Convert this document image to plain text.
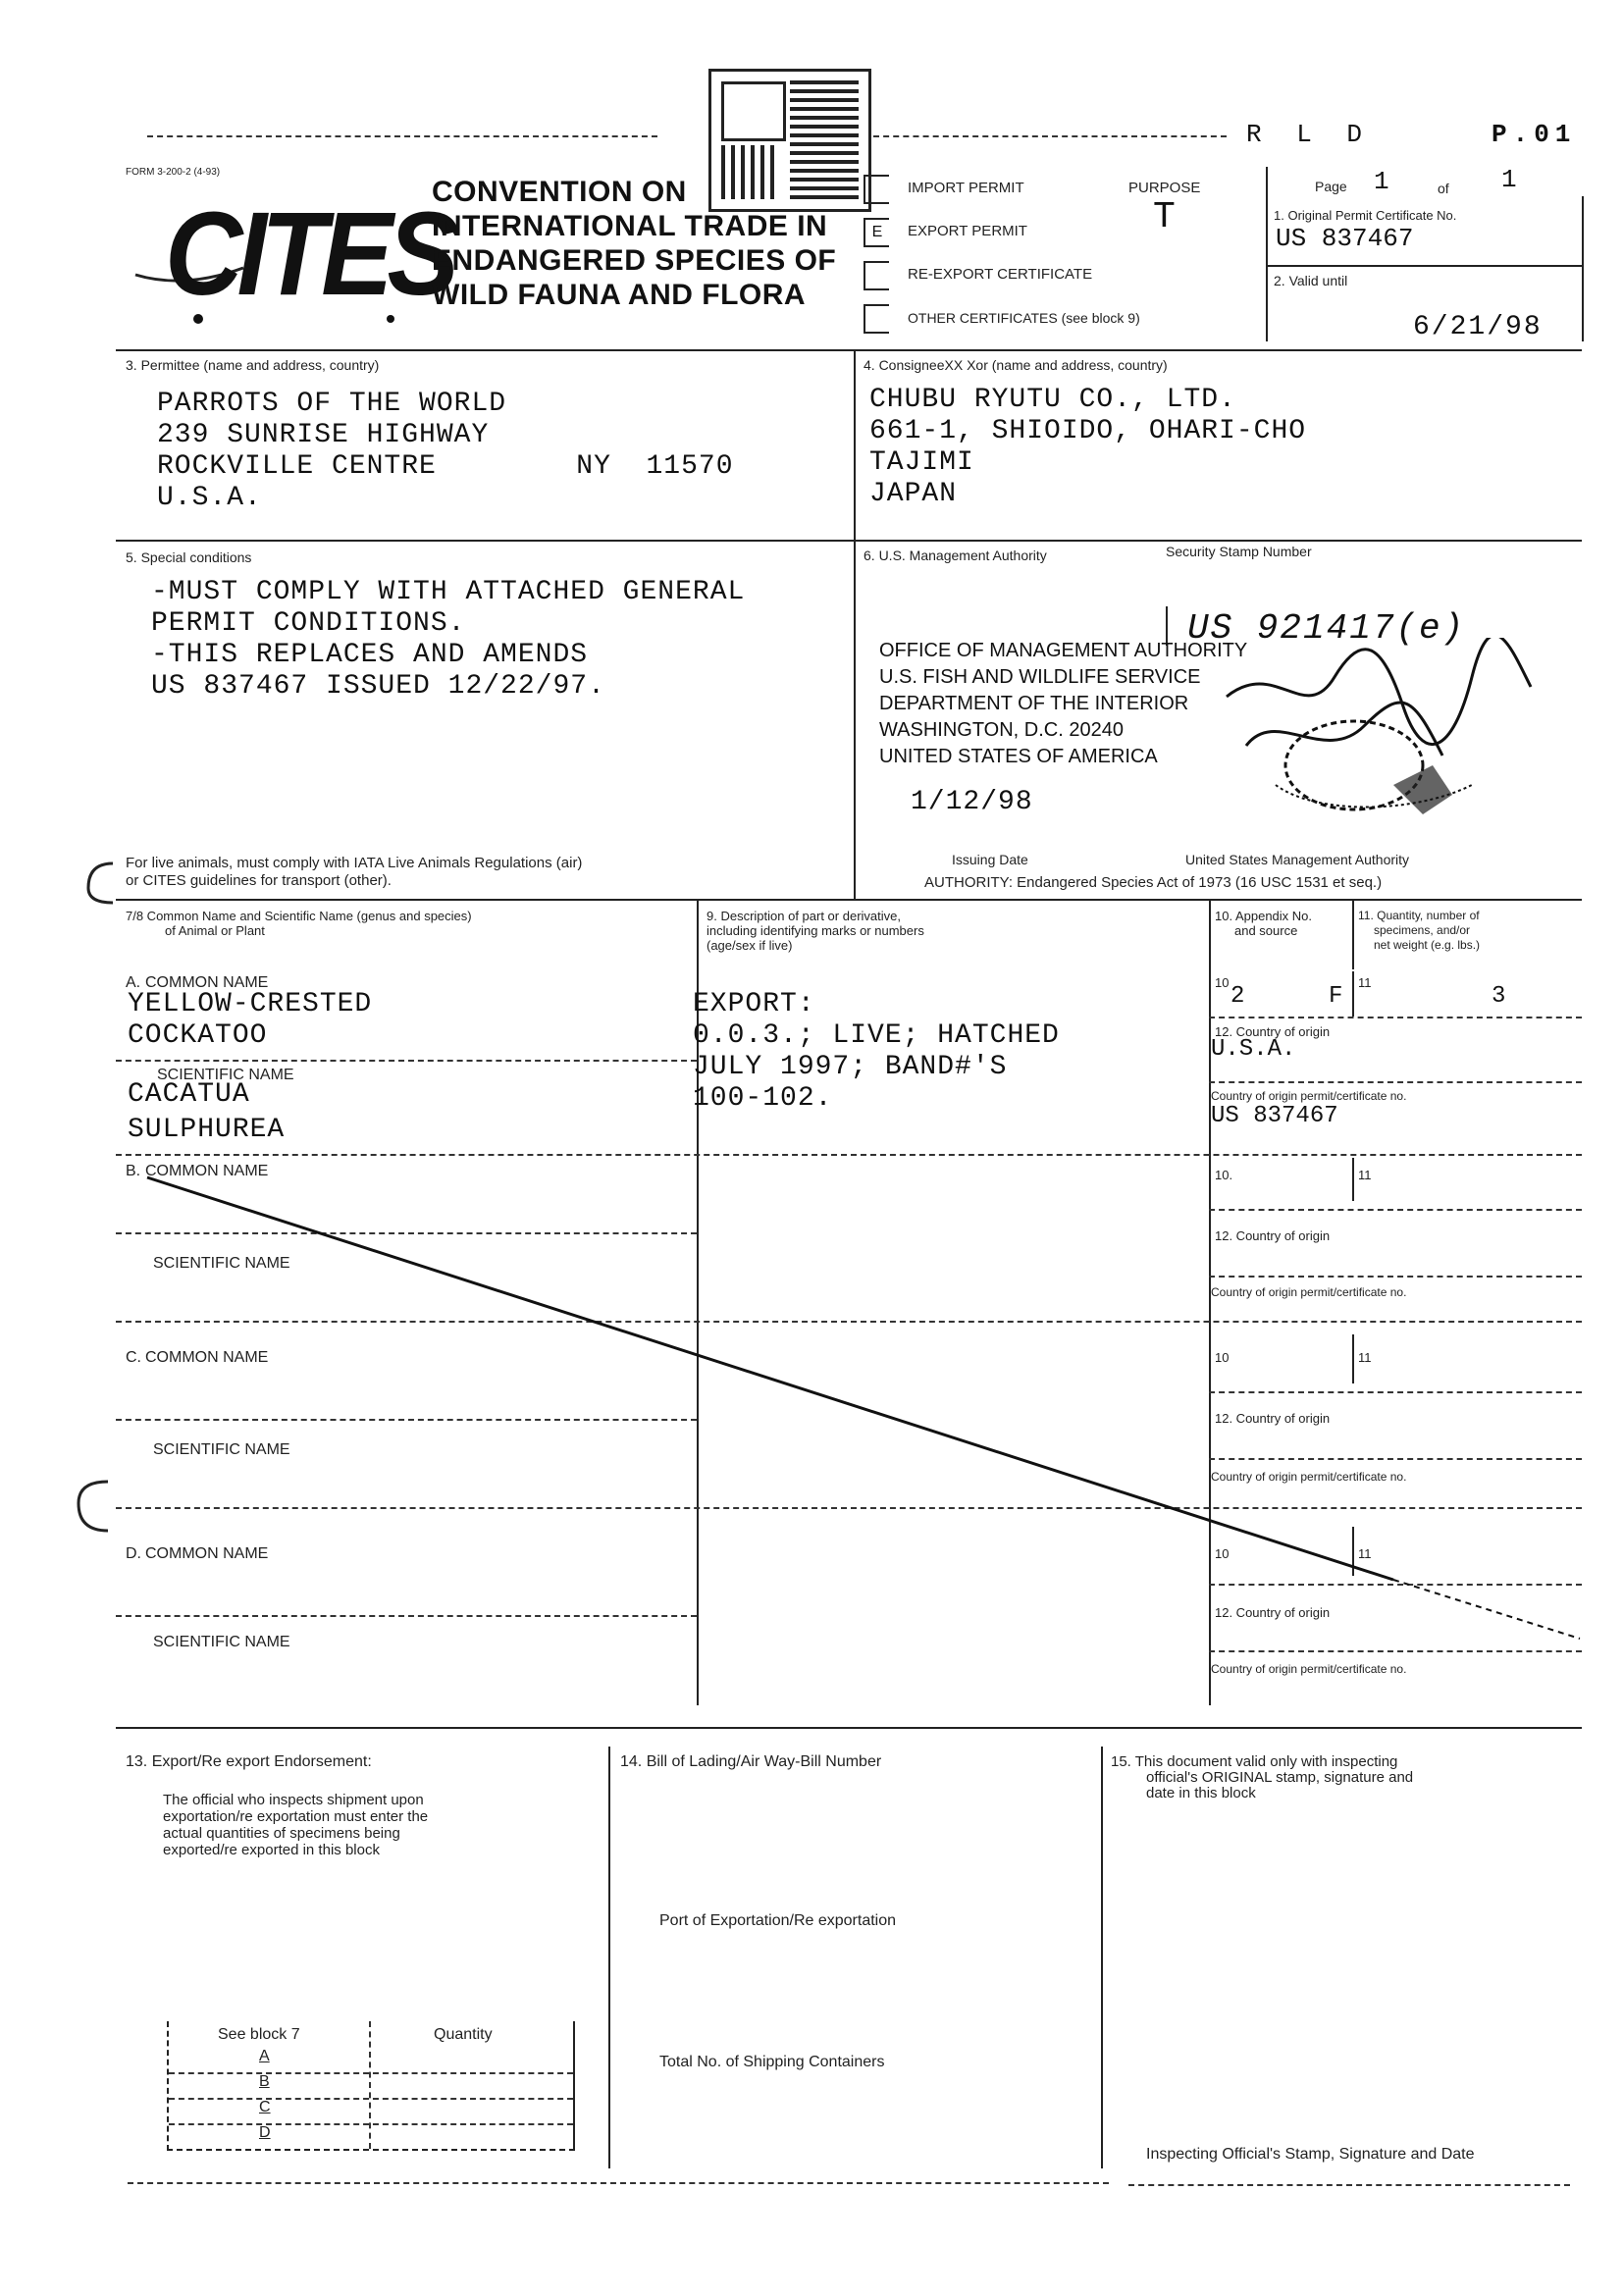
R L D	P.01
FORM 3-200-2 (4-93)
CITES
CONVENTION ON
INTERNATIONAL TRADE IN
ENDANGERED SPECIES OF
WILD FAUNA AND FLORA
IMPORT PERMIT
E	EXPORT PERMIT
RE-EXPORT CERTIFICATE
OTHER CERTIFICATES (see block 9)
PURPOSE
T
Page 1	of 1
1. Original Permit Certificate No.
US 837467
2. Valid until
6/21/98
3. Permittee (name and address, country)
PARROTS OF THE WORLD
239 SUNRISE HIGHWAY
ROCKVILLE CENTRE        NY  11570
U.S.A.
4. ConsigneeXX Xor (name and address, country)
CHUBU RYUTU CO., LTD.
661-1, SHIOIDO, OHARI-CHO
TAJIMI
JAPAN
5. Special conditions
-MUST COMPLY WITH ATTACHED GENERAL
PERMIT CONDITIONS.
-THIS REPLACES AND AMENDS
US 837467 ISSUED 12/22/97.
For live animals, must comply with IATA Live Animals Regulations (air)
or CITES guidelines for transport (other).
6. U.S. Management Authority	Security Stamp Number
US 921417(e)
OFFICE OF MANAGEMENT AUTHORITY
U.S. FISH AND WILDLIFE SERVICE
DEPARTMENT OF THE INTERIOR
WASHINGTON, D.C. 20240
UNITED STATES OF AMERICA
1/12/98
Issuing Date	United States Management Authority
AUTHORITY: Endangered Species Act of 1973 (16 USC 1531 et seq.)
7/8 Common Name and Scientific Name (genus and species)
of Animal or Plant
9. Description of part or derivative,
including identifying marks or numbers
(age/sex if live)
10. Appendix No.
and source
11. Quantity, number of
specimens, and/or
net weight (e.g. lbs.)
A. COMMON NAME
YELLOW-CRESTED
COCKATOO
SCIENTIFIC NAME
CACATUA
SULPHUREA
EXPORT:
0.0.3.; LIVE; HATCHED
JULY 1997; BAND#'S
100-102.
10
2	F
11
3
12. Country of origin
U.S.A.
Country of origin permit/certificate no.
US 837467
B. COMMON NAME
SCIENTIFIC NAME
10.	11
12. Country of origin
Country of origin permit/certificate no.
C. COMMON NAME
SCIENTIFIC NAME
10	11
12. Country of origin
Country of origin permit/certificate no.
D. COMMON NAME
SCIENTIFIC NAME
10	11
12. Country of origin
Country of origin permit/certificate no.
13. Export/Re export Endorsement:
The official who inspects shipment upon
exportation/re exportation must enter the
actual quantities of specimens being
exported/re exported in this block
See block 7	Quantity
A
B
C
D
14. Bill of Lading/Air Way-Bill Number
Port of Exportation/Re exportation
Total No. of Shipping Containers
15. This document valid only with inspecting
official's ORIGINAL stamp, signature and
date in this block
Inspecting Official's Stamp, Signature and Date
